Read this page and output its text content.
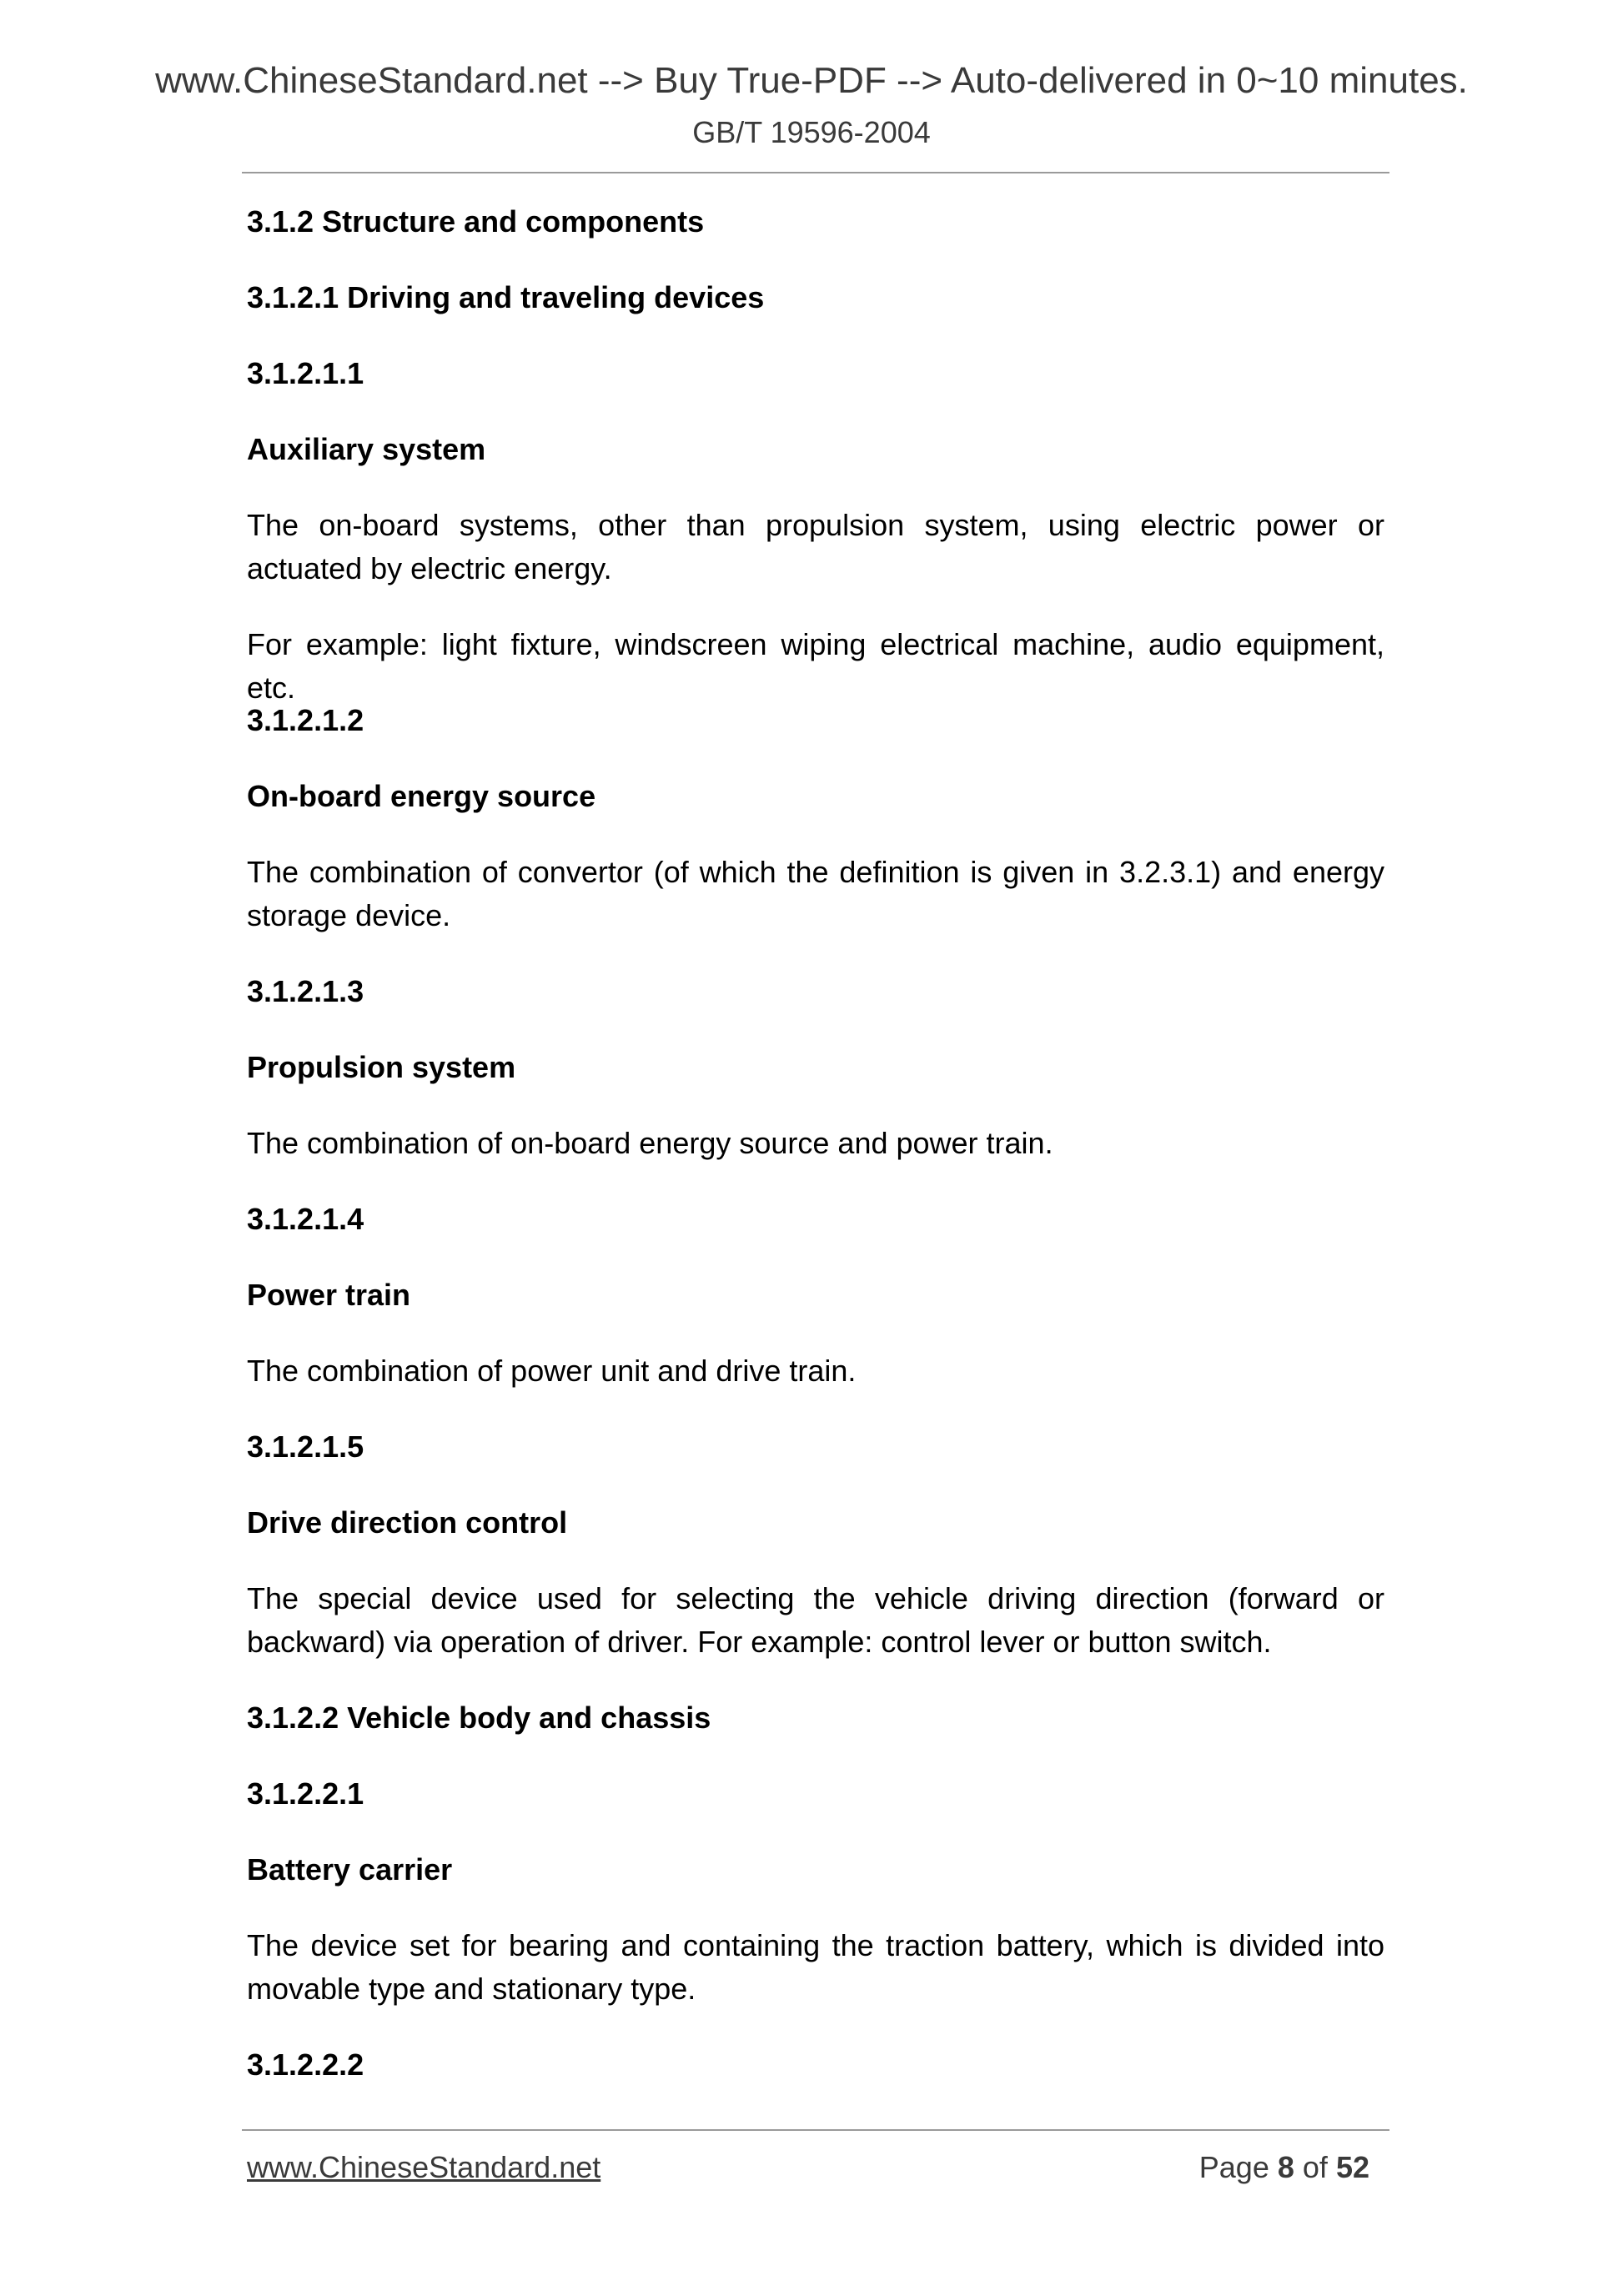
www.ChineseStandard.net --> Buy True-PDF --> Auto-delivered in 0~10 minutes.
GB/T 19596-2004

3.1.2 Structure and components

3.1.2.1 Driving and traveling devices

3.1.2.1.1

Auxiliary system

The on-board systems, other than propulsion system, using electric power or actuated by electric energy.

For example: light fixture, windscreen wiping electrical machine, audio equipment, etc.

3.1.2.1.2

On-board energy source

The combination of convertor (of which the definition is given in 3.2.3.1) and energy storage device.

3.1.2.1.3

Propulsion system

The combination of on-board energy source and power train.

3.1.2.1.4

Power train

The combination of power unit and drive train.

3.1.2.1.5

Drive direction control

The special device used for selecting the vehicle driving direction (forward or backward) via operation of driver. For example: control lever or button switch.

3.1.2.2 Vehicle body and chassis

3.1.2.2.1

Battery carrier

The device set for bearing and containing the traction battery, which is divided into movable type and stationary type.

3.1.2.2.2

www.ChineseStandard.net	Page 8 of 52
